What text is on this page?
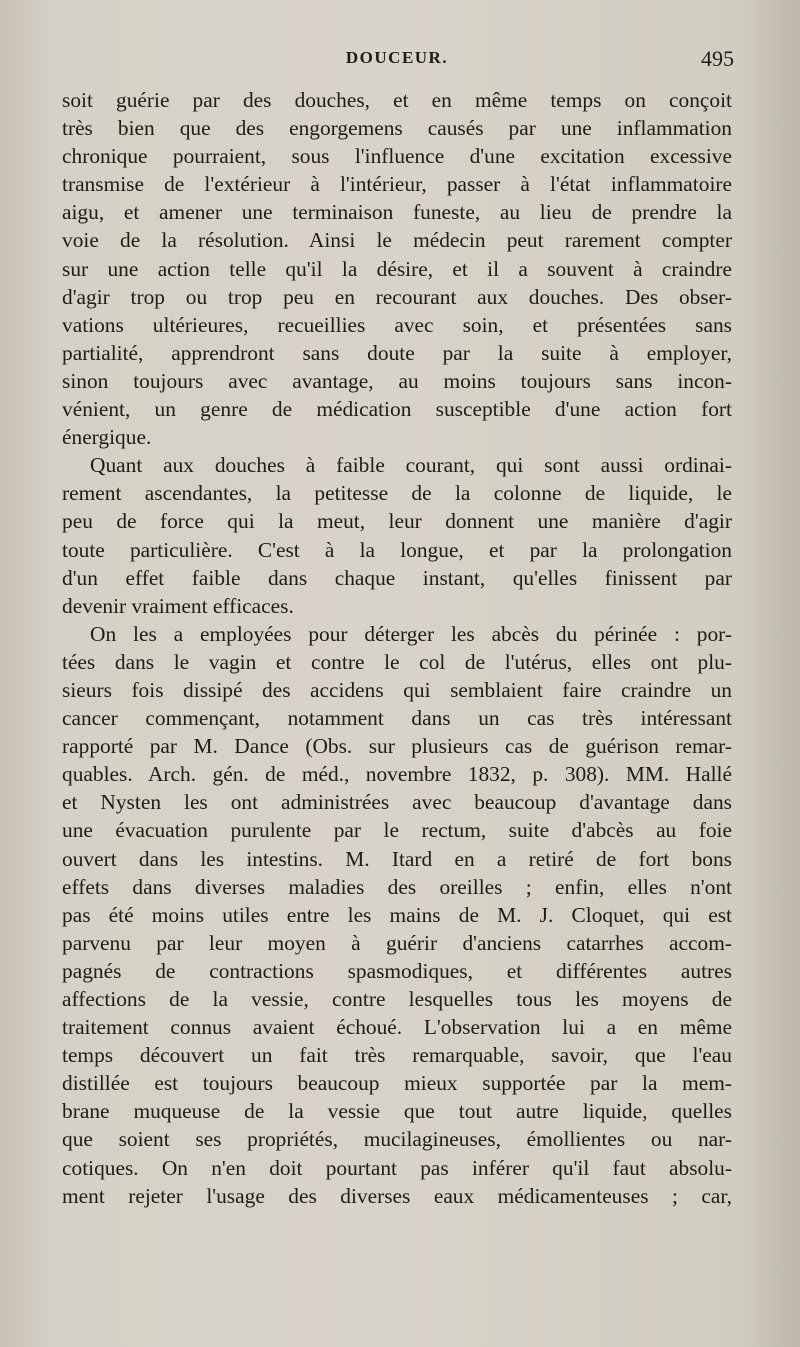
DOUCEUR.	495
soit guérie par des douches, et en même temps on conçoit
très bien que des engorgemens causés par une inflammation
chronique pourraient, sous l'influence d'une excitation excessive
transmise de l'extérieur à l'intérieur, passer à l'état inflammatoire
aigu, et amener une terminaison funeste, au lieu de prendre la
voie de la résolution. Ainsi le médecin peut rarement compter
sur une action telle qu'il la désire, et il a souvent à craindre
d'agir trop ou trop peu en recourant aux douches. Des obser-
vations ultérieures, recueillies avec soin, et présentées sans
partialité, apprendront sans doute par la suite à employer,
sinon toujours avec avantage, au moins toujours sans incon-
vénient, un genre de médication susceptible d'une action fort
énergique.
Quant aux douches à faible courant, qui sont aussi ordinai-
rement ascendantes, la petitesse de la colonne de liquide, le
peu de force qui la meut, leur donnent une manière d'agir
toute particulière. C'est à la longue, et par la prolongation
d'un effet faible dans chaque instant, qu'elles finissent par
devenir vraiment efficaces.
On les a employées pour déterger les abcès du périnée : por-
tées dans le vagin et contre le col de l'utérus, elles ont plu-
sieurs fois dissipé des accidens qui semblaient faire craindre un
cancer commençant, notamment dans un cas très intéressant
rapporté par M. Dance (Obs. sur plusieurs cas de guérison remar-
quables. Arch. gén. de méd., novembre 1832, p. 308). MM. Hallé
et Nysten les ont administrées avec beaucoup d'avantage dans
une évacuation purulente par le rectum, suite d'abcès au foie
ouvert dans les intestins. M. Itard en a retiré de fort bons
effets dans diverses maladies des oreilles ; enfin, elles n'ont
pas été moins utiles entre les mains de M. J. Cloquet, qui est
parvenu par leur moyen à guérir d'anciens catarrhes accom-
pagnés de contractions spasmodiques, et différentes autres
affections de la vessie, contre lesquelles tous les moyens de
traitement connus avaient échoué. L'observation lui a en même
temps découvert un fait très remarquable, savoir, que l'eau
distillée est toujours beaucoup mieux supportée par la mem-
brane muqueuse de la vessie que tout autre liquide, quelles
que soient ses propriétés, mucilagineuses, émollientes ou nar-
cotiques. On n'en doit pourtant pas inférer qu'il faut absolu-
ment rejeter l'usage des diverses eaux médicamenteuses ; car,
